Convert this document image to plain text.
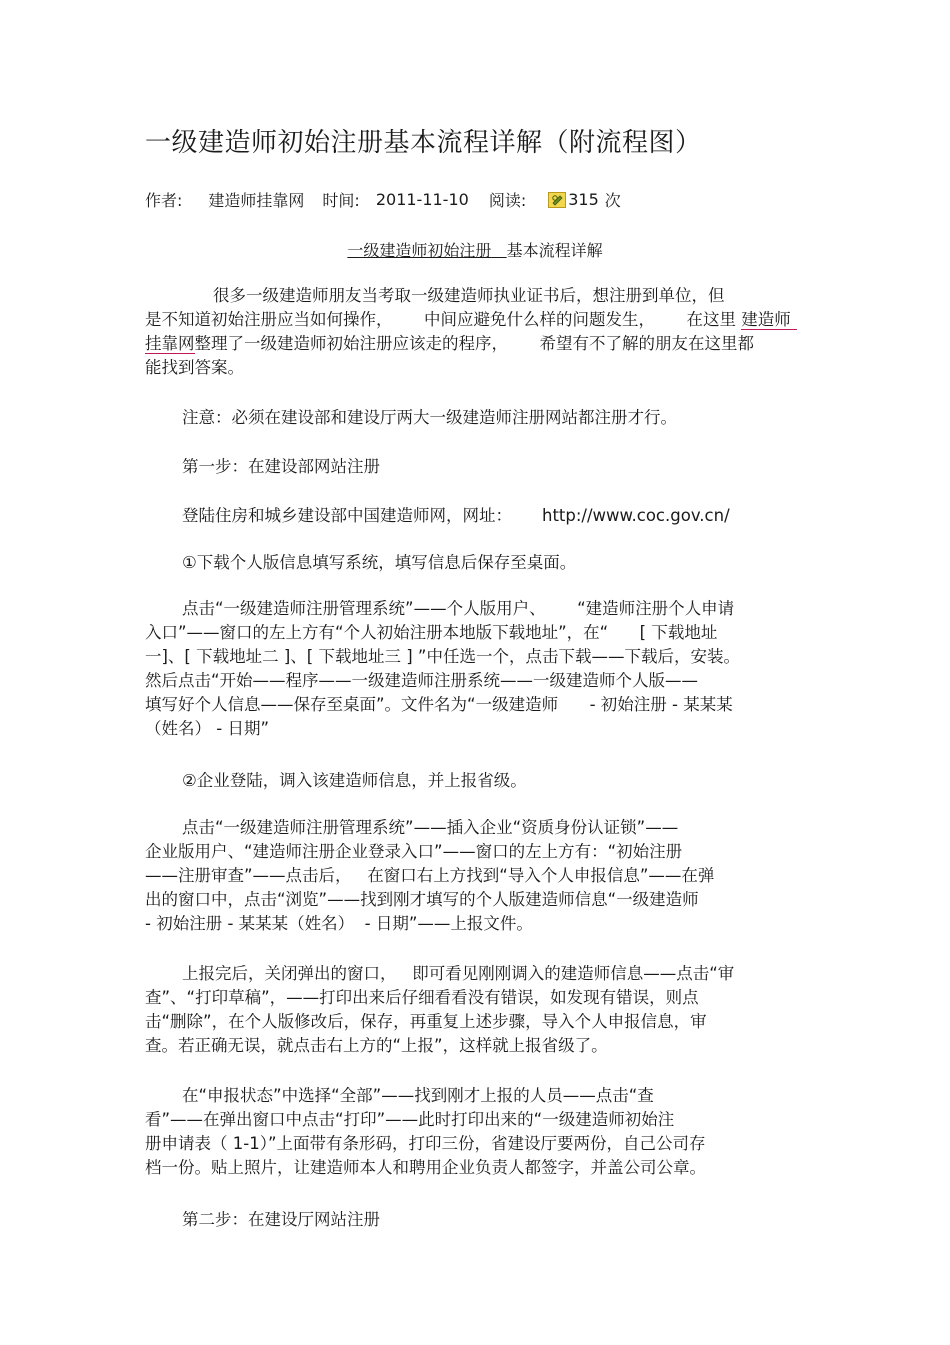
一级建造师初始注册基本流程详解（附流程图）
作者: 建造师挂靠网 时间: 2011-11-10 阅读:	315 次
一级建造师初始注册 基本流程详解
很多一级建造师朋友当考取一级建造师执业证书后，想注册到单位，但
是不知道初始注册应当如何操作，      中间应避免什么样的问题发生，      在这里 建造师
挂靠网整理了一级建造师初始注册应该走的程序，      希望有不了解的朋友在这里都
能找到答案。

注意：必须在建设部和建设厅两大一级建造师注册网站都注册才行。

第一步：在建设部网站注册

登陆住房和城乡建设部中国建造师网，网址： http://www.coc.gov.cn/

①下载个人版信息填写系统，填写信息后保存至桌面。

点击“一级建造师注册管理系统”——个人版用户、      “建造师注册个人申请
入口”——窗口的左上方有“个人初始注册本地版下载地址”，在“      [ 下载地址
一]、[ 下载地址二 ]、[ 下载地址三 ] ”中任选一个，点击下载——下载后，安装。
然后点击“开始——程序——一级建造师注册系统——一级建造师个人版——
填写好个人信息——保存至桌面”。文件名为“一级建造师      - 初始注册 - 某某某
（姓名） - 日期”

②企业登陆，调入该建造师信息，并上报省级。

点击“一级建造师注册管理系统”——插入企业“资质身份认证锁”——
企业版用户、“建造师注册企业登录入口”——窗口的左上方有：“初始注册
——注册审查”——点击后，   在窗口右上方找到“导入个人申报信息”——在弹
出的窗口中，点击“浏览”——找到刚才填写的个人版建造师信息“一级建造师
- 初始注册 - 某某某（姓名）  - 日期”——上报文件。
上报完后，关闭弹出的窗口，   即可看见刚刚调入的建造师信息——点击“审
查”、“打印草稿”，——打印出来后仔细看看没有错误，如发现有错误，则点
击“删除”，在个人版修改后，保存，再重复上述步骤，导入个人申报信息，审
查。若正确无误，就点击右上方的“上报”，这样就上报省级了。
在“申报状态”中选择“全部”——找到刚才上报的人员——点击“查
看”——在弹出窗口中点击“打印”——此时打印出来的“一级建造师初始注
册申请表（ 1-1）”上面带有条形码，打印三份，省建设厅要两份，自己公司存
档一份。贴上照片，让建造师本人和聘用企业负责人都签字，并盖公司公章。

第二步：在建设厅网站注册
